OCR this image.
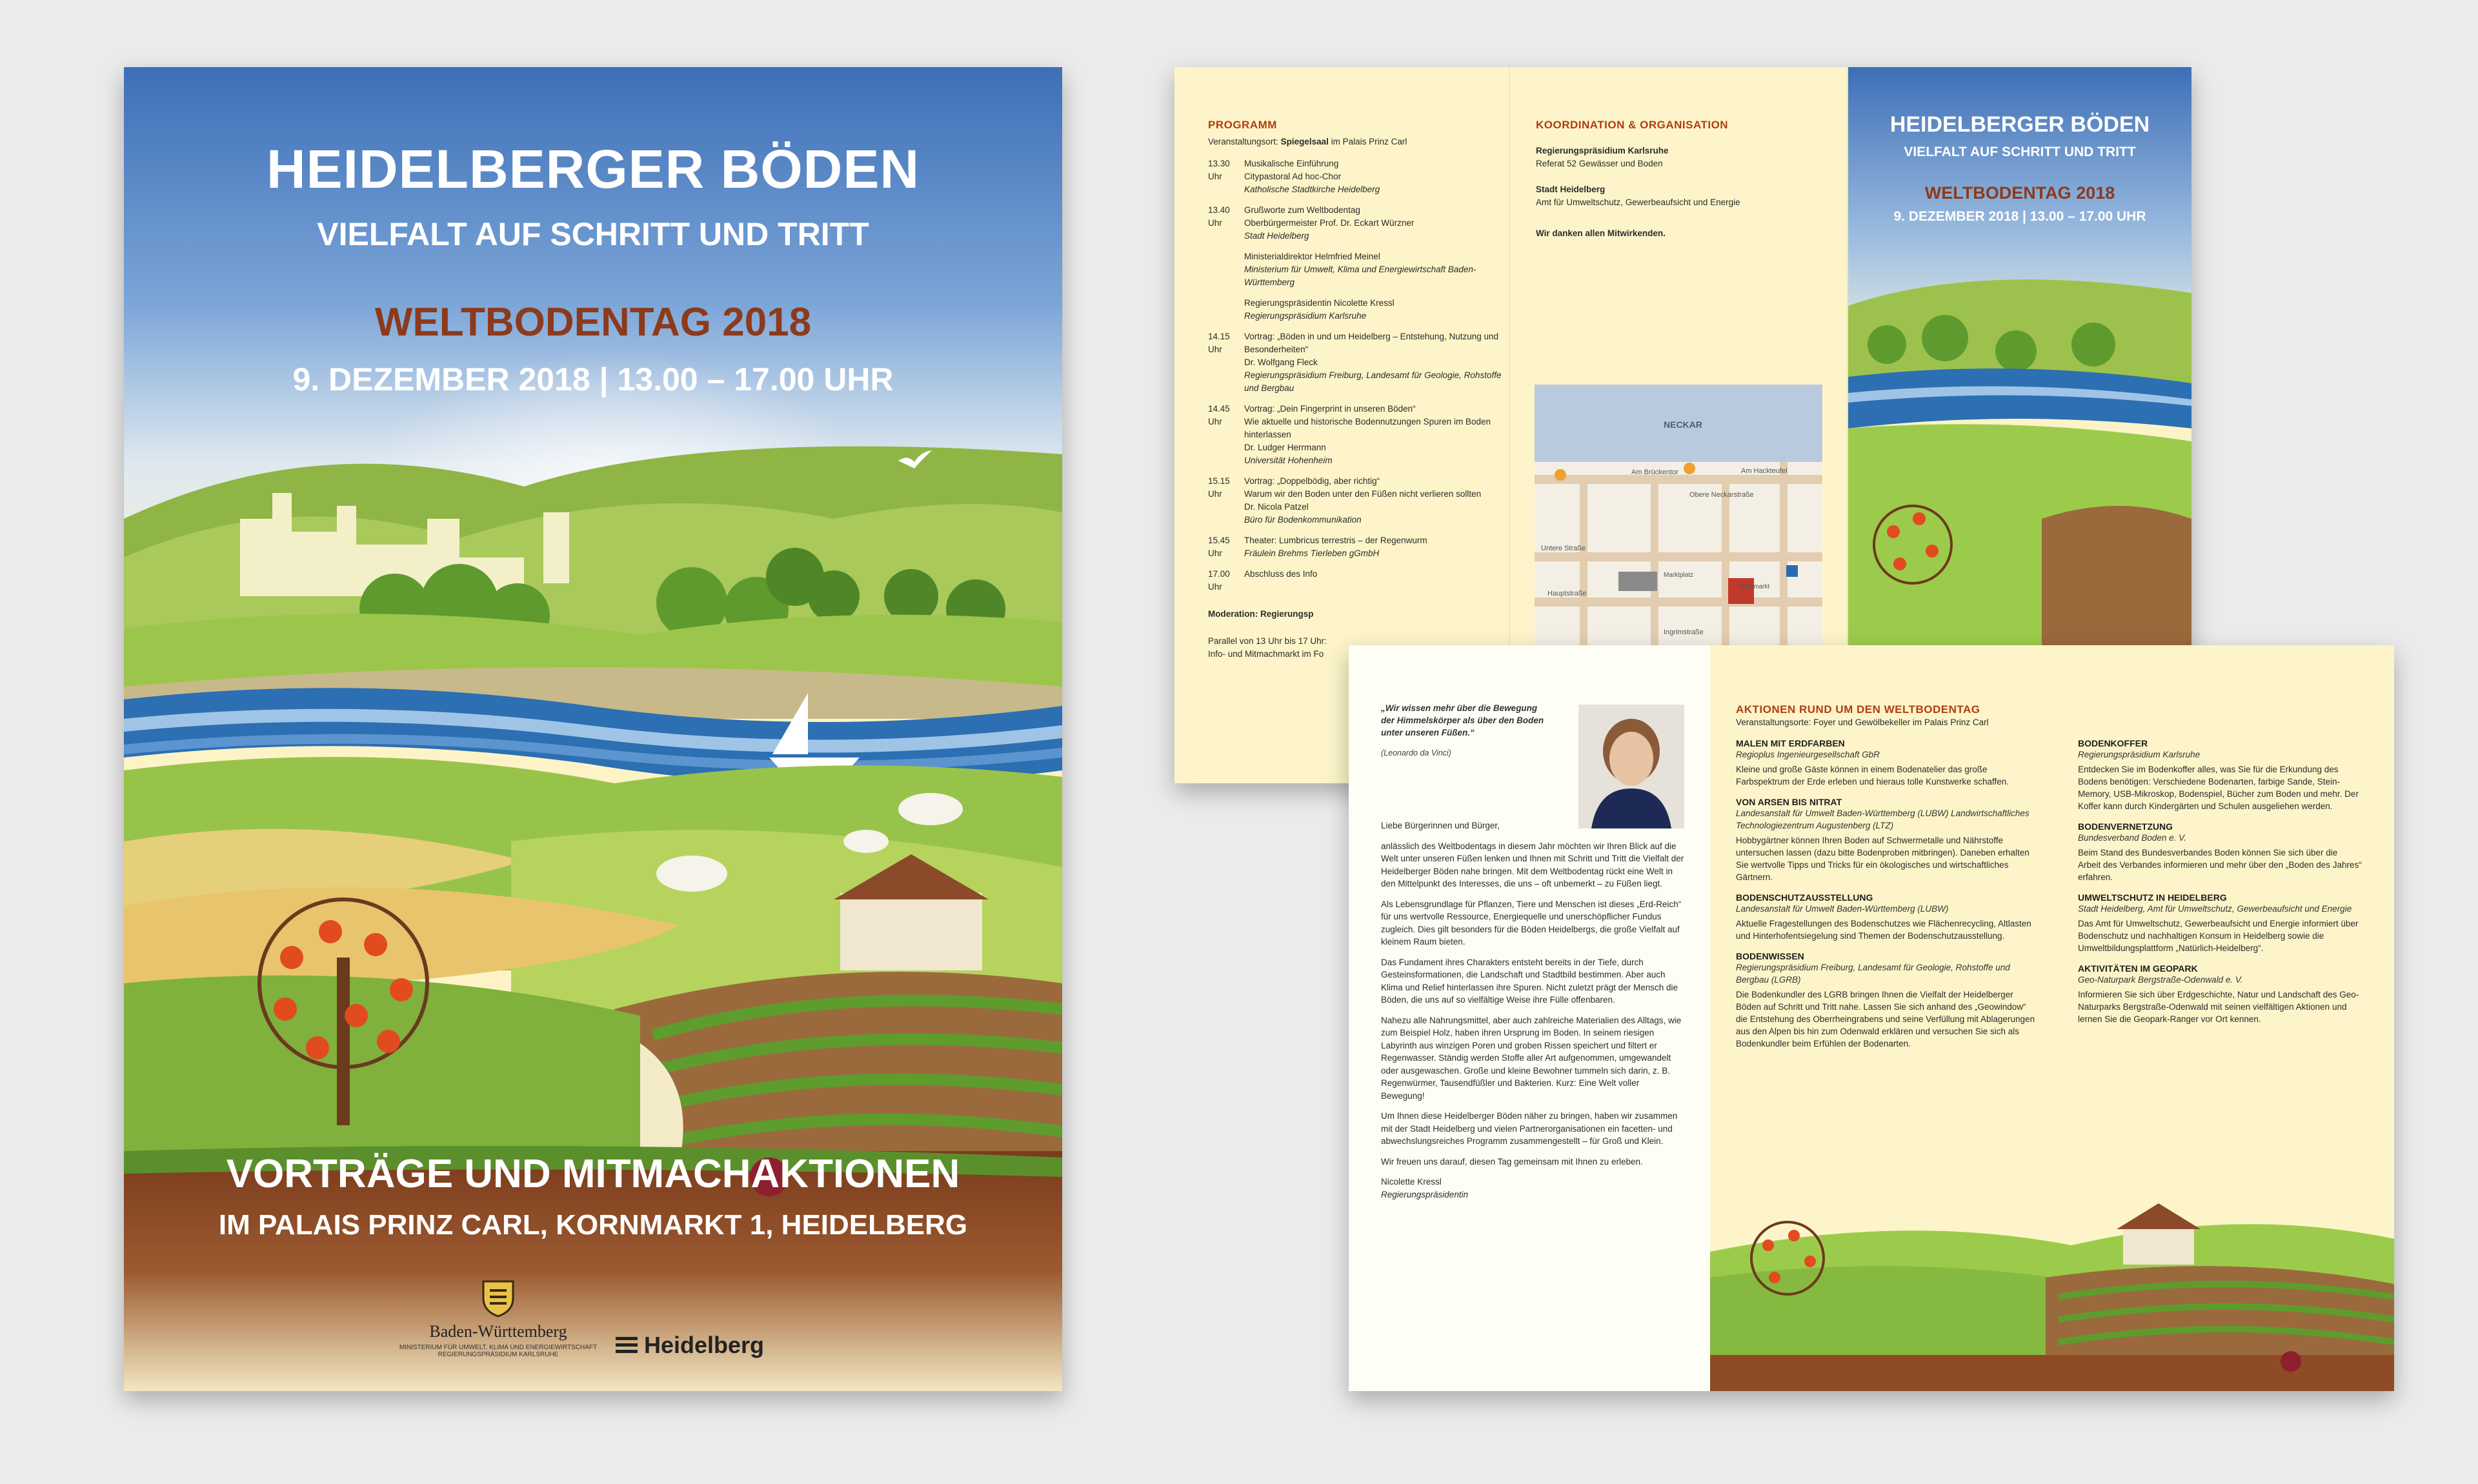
HEIDELBERGER BÖDEN
VIELFALT AUF SCHRITT UND TRITT
WELTBODENTAG 2018
9. DEZEMBER 2018 | 13.00 – 17.00 UHR
VORTRÄGE UND MITMACHAKTIONEN
IM PALAIS PRINZ CARL, KORNMARKT 1, HEIDELBERG
Baden-Württemberg
MINISTERIUM FÜR UMWELT, KLIMA UND ENERGIEWIRTSCHAFT
REGIERUNGSPRÄSIDIUM KARLSRUHE	Heidelberg
PROGRAMM
Veranstaltungsort: Spiegelsaal im Palais Prinz Carl
13.30 Uhr
Musikalische Einführung
Citypastoral Ad hoc-Chor
Katholische Stadtkirche Heidelberg
13.40 Uhr
Grußworte zum Weltbodentag
Oberbürgermeister Prof. Dr. Eckart Würzner
Stadt Heidelberg
Ministerialdirektor Helmfried Meinel
Ministerium für Umwelt, Klima und Energiewirtschaft Baden-Württemberg
Regierungspräsidentin Nicolette Kressl
Regierungspräsidium Karlsruhe
14.15 Uhr
Vortrag: „Böden in und um Heidelberg – Entstehung, Nutzung und Besonderheiten“
Dr. Wolfgang Fleck
Regierungspräsidium Freiburg, Landesamt für Geologie, Rohstoffe und Bergbau
14.45 Uhr
Vortrag: „Dein Fingerprint in unseren Böden“
Wie aktuelle und historische Bodennutzungen Spuren im Boden hinterlassen
Dr. Ludger Herrmann
Universität Hohenheim
15.15 Uhr
Vortrag: „Doppelbödig, aber richtig“
Warum wir den Boden unter den Füßen nicht verlieren sollten
Dr. Nicola Patzel
Büro für Bodenkommunikation
15.45 Uhr
Theater: Lumbricus terrestris – der Regenwurm
Fräulein Brehms Tierleben gGmbH
17.00 Uhr
Abschluss des Info
Moderation: Regierungsp
Parallel von 13 Uhr bis 17 Uhr:
Info- und Mitmachmarkt im Fo
KOORDINATION & ORGANISATION
Regierungspräsidium Karlsruhe
Referat 52 Gewässer und Boden
Stadt Heidelberg
Amt für Umweltschutz, Gewerbeaufsicht und Energie
Wir danken allen Mitwirkenden.
NECKAR
Am Brückentor	Am Hackteufel
Obere Neckarstraße
Untere Straße
Hauptstraße
Ingrimstraße
Kornmarkt
Marktplatz
HEIDELBERGER BÖDEN
VIELFALT AUF SCHRITT UND TRITT
WELTBODENTAG 2018
9. DEZEMBER 2018 | 13.00 – 17.00 UHR
„Wir wissen mehr über die Bewegung der Himmelskörper als über den Boden unter unseren Füßen.“
(Leonardo da Vinci)

Liebe Bürgerinnen und Bürger,

anlässlich des Weltbodentags in diesem Jahr möchten wir Ihren Blick auf die Welt unter unseren Füßen lenken und Ihnen mit Schritt und Tritt die Vielfalt der Heidelberger Böden nahe bringen. Mit dem Weltbodentag rückt eine Welt in den Mittelpunkt des Interesses, die uns – oft unbemerkt – zu Füßen liegt.

Als Lebensgrundlage für Pflanzen, Tiere und Menschen ist dieses „Erd-Reich“ für uns wertvolle Ressource, Energiequelle und unerschöpflicher Fundus zugleich. Dies gilt besonders für die Böden Heidelbergs, die große Vielfalt auf kleinem Raum bieten.

Das Fundament ihres Charakters entsteht bereits in der Tiefe, durch Gesteinsformationen, die Landschaft und Stadtbild bestimmen. Aber auch Klima und Relief hinterlassen ihre Spuren. Nicht zuletzt prägt der Mensch die Böden, die uns auf so vielfältige Weise ihre Fülle offenbaren.

Nahezu alle Nahrungsmittel, aber auch zahlreiche Materialien des Alltags, wie zum Beispiel Holz, haben ihren Ursprung im Boden. In seinem riesigen Labyrinth aus winzigen Poren und groben Rissen speichert und filtert er Regenwasser. Ständig werden Stoffe aller Art aufgenommen, umgewandelt oder ausgewaschen. Große und kleine Bewohner tummeln sich darin, z. B. Regenwürmer, Tausendfüßler und Bakterien. Kurz: Eine Welt voller Bewegung!

Um Ihnen diese Heidelberger Böden näher zu bringen, haben wir zusammen mit der Stadt Heidelberg und vielen Partnerorganisationen ein facetten- und abwechslungsreiches Programm zusammengestellt – für Groß und Klein.

Wir freuen uns darauf, diesen Tag gemeinsam mit Ihnen zu erleben.

Nicolette Kressl
Regierungspräsidentin
AKTIONEN RUND UM DEN WELTBODENTAG
Veranstaltungsorte: Foyer und Gewölbekeller im Palais Prinz Carl
MALEN MIT ERDFARBEN
Regioplus Ingenieurgesellschaft GbR
Kleine und große Gäste können in einem Bodenatelier das große Farbspektrum der Erde erleben und hieraus tolle Kunstwerke schaffen.
VON ARSEN BIS NITRAT
Landesanstalt für Umwelt Baden-Württemberg (LUBW) Landwirtschaftliches Technologiezentrum Augustenberg (LTZ)
Hobbygärtner können Ihren Boden auf Schwermetalle und Nährstoffe untersuchen lassen (dazu bitte Bodenproben mitbringen). Daneben erhalten Sie wertvolle Tipps und Tricks für ein ökologisches und wirtschaftliches Gärtnern.
BODENSCHUTZAUSSTELLUNG
Landesanstalt für Umwelt Baden-Württemberg (LUBW)
Aktuelle Fragestellungen des Bodenschutzes wie Flächenrecycling, Altlasten und Hinterhofentsiegelung sind Themen der Bodenschutzausstellung.
BODENWISSEN
Regierungspräsidium Freiburg, Landesamt für Geologie, Rohstoffe und Bergbau (LGRB)
Die Bodenkundler des LGRB bringen Ihnen die Vielfalt der Heidelberger Böden auf Schritt und Tritt nahe. Lassen Sie sich anhand des „Geowindow“ die Entstehung des Oberrheingrabens und seine Verfüllung mit Ablagerungen aus den Alpen bis hin zum Odenwald erklären und versuchen Sie sich als Bodenkundler beim Erfühlen der Bodenarten.
BODENKOFFER
Regierungspräsidium Karlsruhe
Entdecken Sie im Bodenkoffer alles, was Sie für die Erkundung des Bodens benötigen: Verschiedene Bodenarten, farbige Sande, Stein-Memory, USB-Mikroskop, Bodenspiel, Bücher zum Boden und mehr. Der Koffer kann durch Kindergärten und Schulen ausgeliehen werden.
BODENVERNETZUNG
Bundesverband Boden e. V.
Beim Stand des Bundesverbandes Boden können Sie sich über die Arbeit des Verbandes informieren und mehr über den „Boden des Jahres“ erfahren.
UMWELTSCHUTZ IN HEIDELBERG
Stadt Heidelberg, Amt für Umweltschutz, Gewerbeaufsicht und Energie
Das Amt für Umweltschutz, Gewerbeaufsicht und Energie informiert über Bodenschutz und nachhaltigen Konsum in Heidelberg sowie die Umweltbildungsplattform „Natürlich-Heidelberg“.
AKTIVITÄTEN IM GEOPARK
Geo-Naturpark Bergstraße-Odenwald e. V.
Informieren Sie sich über Erdgeschichte, Natur und Landschaft des Geo-Naturparks Bergstraße-Odenwald mit seinen vielfältigen Aktionen und lernen Sie die Geopark-Ranger vor Ort kennen.
